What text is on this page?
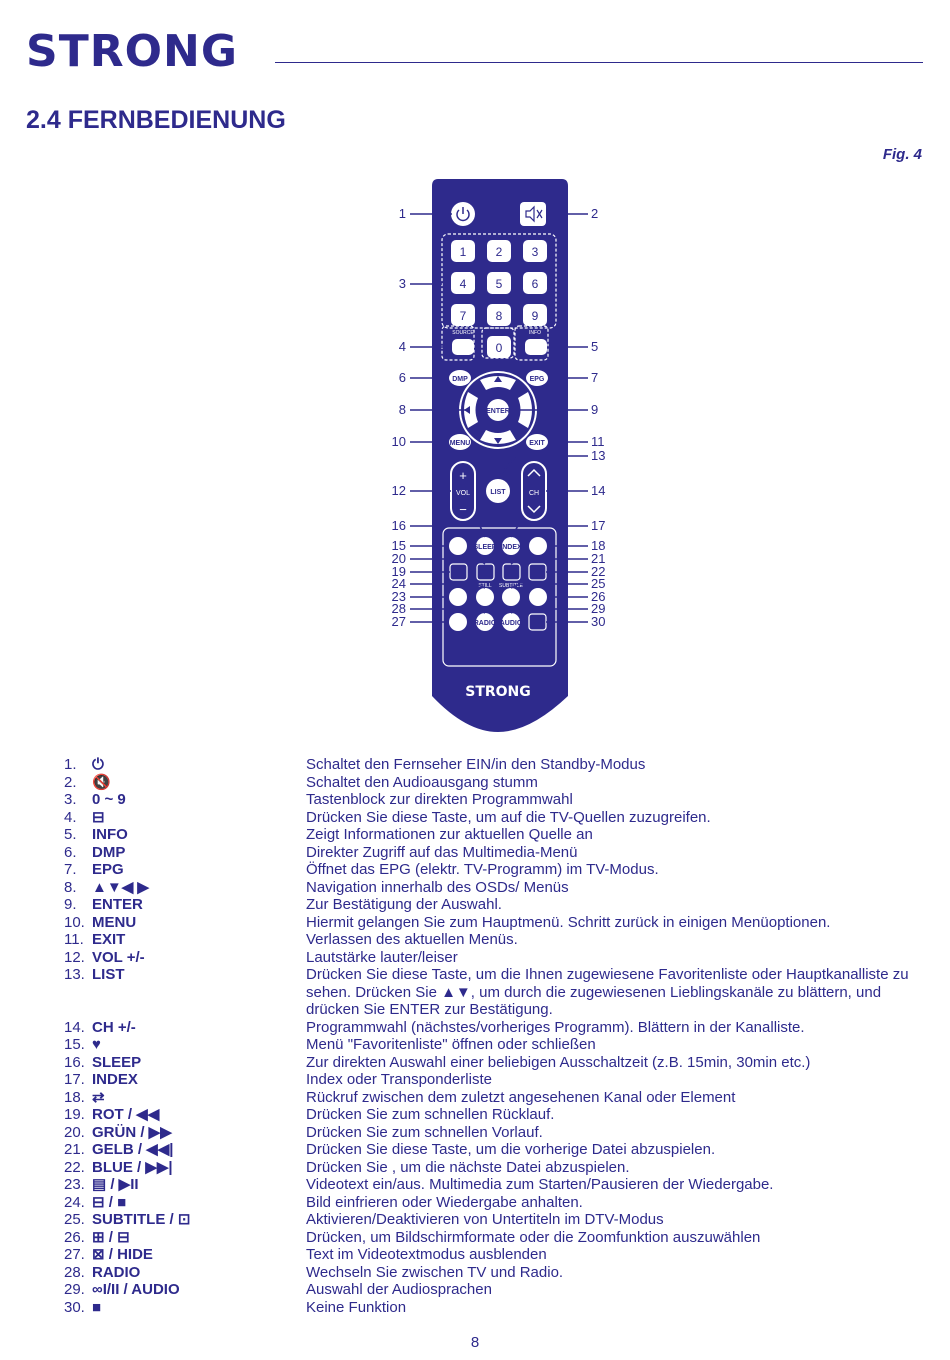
STRONG
2.4 FERNBEDIENUNG
Fig. 4
1 2 3
4 5 6
7 8 9
0
SOURCE	INFO
DMP	EPG
ENTER
MENU	EXIT
+
VOL
−
LIST	CH
SLEEP INDEX
STILL SUBTITLE
RADIO AUDIO
STRONG
1	2
3
4	5
6	7
8	9
10	11
13
12	14
16	17
15	18
20	21
19	22
24	25
23	26
28	29
27	30
1.	⏻	Schaltet den Fernseher EIN/in den Standby-Modus
2.	🔇	Schaltet den Audioausgang stumm
3.	0 ~ 9	Tastenblock zur direkten Programmwahl
4.	⊟	Drücken Sie diese Taste, um auf die TV-Quellen zuzugreifen.
5.	INFO	Zeigt Informationen zur aktuellen Quelle an
6.	DMP	Direkter Zugriff auf das Multimedia-Menü
7.	EPG	Öffnet das EPG (elektr. TV-Programm) im TV-Modus.
8.	▲▼◀ ▶	Navigation innerhalb des OSDs/ Menüs
9.	ENTER	Zur Bestätigung der Auswahl.
10. MENU	Hiermit gelangen Sie zum Hauptmenü. Schritt zurück in einigen Menüoptionen.
11. EXIT	Verlassen des aktuellen Menüs.
12. VOL +/-	Lautstärke lauter/leiser
13. LIST	Drücken Sie diese Taste, um die Ihnen zugewiesene Favoritenliste oder Hauptkanalliste zu sehen. Drücken Sie ▲▼, um durch die zugewiesenen Lieblingskanäle zu blättern, und drücken Sie ENTER zur Bestätigung.
14. CH +/-	Programmwahl (nächstes/vorheriges Programm). Blättern in der Kanalliste.
15. ♥	Menü "Favoritenliste" öffnen oder schließen
16. SLEEP	Zur direkten Auswahl einer beliebigen Ausschaltzeit (z.B. 15min, 30min etc.)
17. INDEX	Index oder Transponderliste
18. ⇄	Rückruf zwischen dem zuletzt angesehenen Kanal oder Element
19. ROT / ◀◀	Drücken Sie zum schnellen Rücklauf.
20. GRÜN / ▶▶	Drücken Sie zum schnellen Vorlauf.
21. GELB / ◀◀|	Drücken Sie diese Taste, um die vorherige Datei abzuspielen.
22. BLUE / ▶▶|	Drücken Sie , um die nächste Datei abzuspielen.
23. ▤ / ▶II	Videotext ein/aus. Multimedia zum Starten/Pausieren der Wiedergabe.
24. ⊟ / ■	Bild einfrieren oder Wiedergabe anhalten.
25. SUBTITLE / ⊡	Aktivieren/Deaktivieren von Untertiteln im DTV-Modus
26. ⊞ / ⊟	Drücken, um Bildschirmformate oder die Zoomfunktion auszuwählen
27. ⊠ / HIDE	Text im Videotextmodus ausblenden
28. RADIO	Wechseln Sie zwischen TV und Radio.
29. ∞I/II / AUDIO	Auswahl der Audiosprachen
30. ■	Keine Funktion
8
